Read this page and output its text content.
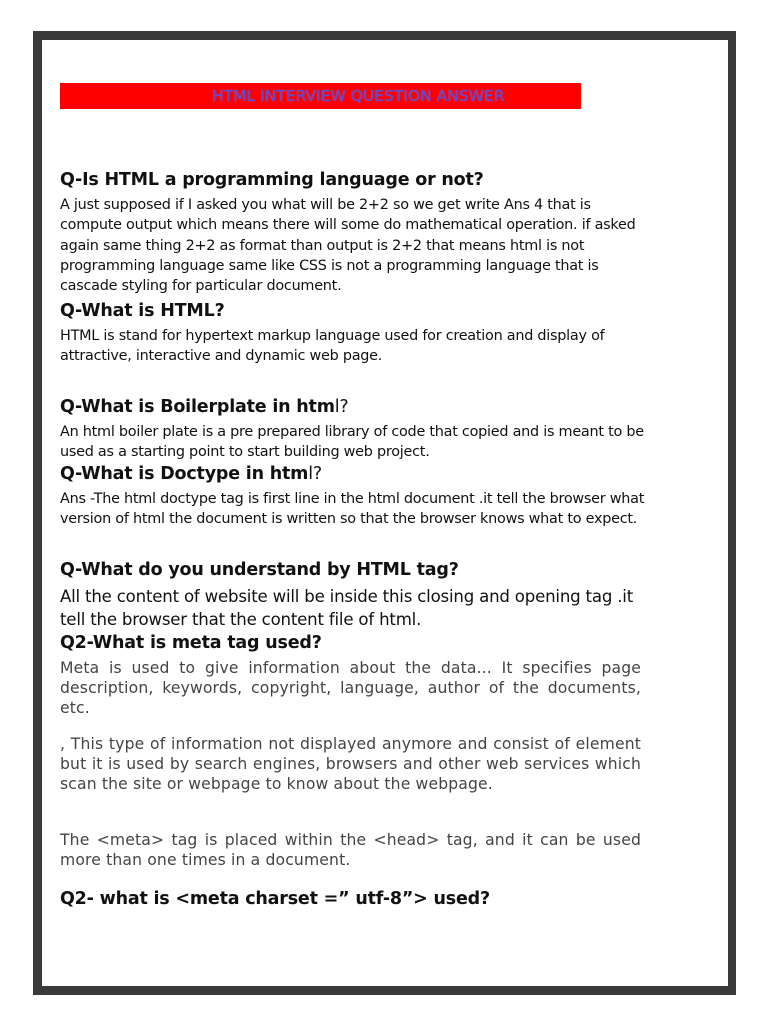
HTML INTERVIEW QUESTION ANSWER
Q-Is HTML a programming language or not?
A just supposed if I asked you what will be 2+2 so we get write Ans 4 that is compute output which means there will some do mathematical operation. if asked again same thing 2+2 as format than output is 2+2 that means html is not programming language same like CSS is not a programming language that is cascade styling for particular document.
Q-What is HTML?
HTML is stand for hypertext markup language used for creation and display of attractive, interactive and dynamic web page.
Q-What is Boilerplate in html?
An html boiler plate is a pre prepared library of code that copied and is meant to be used as a starting point to start building web project.
Q-What is Doctype in html?
Ans -The html doctype tag is first line in the html document .it tell the browser what version of html the document is written so that the browser knows what to expect.
Q-What do you understand by HTML tag?
All the content of website will be inside this closing and opening tag .it tell the browser that the content file of html.
Q2-What is meta tag used?
Meta is used to give information about the data... It specifies page description, keywords, copyright, language, author of the documents, etc.
, This type of information not displayed anymore and consist of element but it is used by search engines, browsers and other web services which scan the site or webpage to know about the webpage.
The <meta> tag is placed within the <head> tag, and it can be used more than one times in a document.
Q2- what is <meta charset =” utf-8”> used?
